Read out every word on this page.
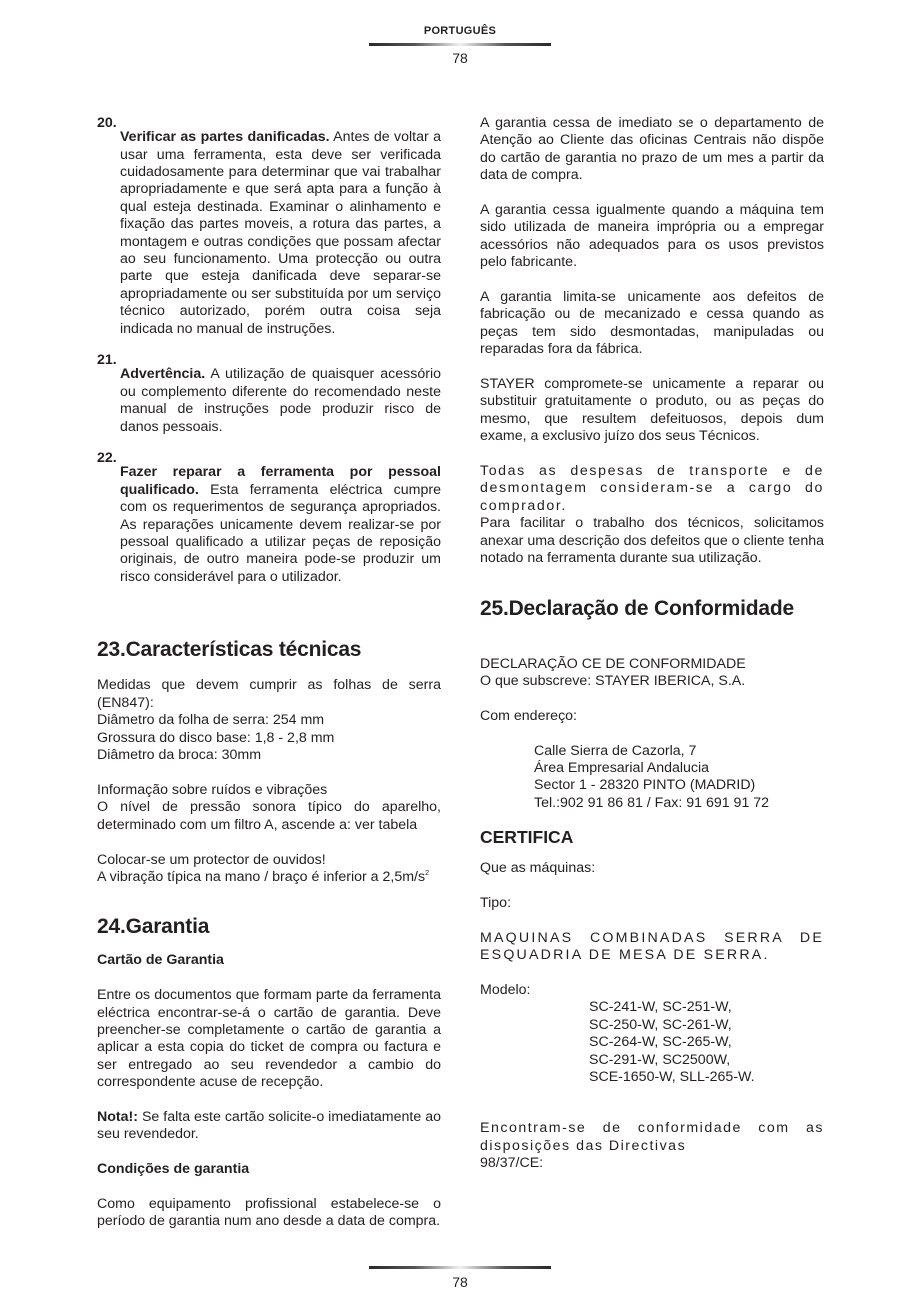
PORTUGUÊS
78
20.

Verificar as partes danificadas. Antes de voltar a usar uma ferramenta, esta deve ser verificada cuidadosamente para determinar que vai trabalhar apropriadamente e que será apta para a função à qual esteja destinada. Examinar o alinhamento e fixação das partes moveis, a rotura das partes, a montagem e outras condições que possam afectar ao seu funcionamento. Uma protecção ou outra parte que esteja danificada deve separar-se apropriadamente ou ser substituída por um serviço técnico autorizado, porém outra coisa seja indicada no manual de instruções.

21.

Advertência. A utilização de quaisquer acessório ou complemento diferente do recomendado neste manual de instruções pode produzir risco de danos pessoais.

22.

Fazer reparar a ferramenta por pessoal qualificado. Esta ferramenta eléctrica cumpre com os requerimentos de segurança apropriados. As reparações unicamente devem realizar-se por pessoal qualificado a utilizar peças de reposição originais, de outro maneira pode-se produzir um risco considerável para o utilizador.

23.Características técnicas

Medidas que devem cumprir as folhas de serra (EN847):

Diâmetro da folha de serra: 254 mm

Grossura do disco base: 1,8 - 2,8 mm

Diâmetro da broca: 30mm

Informação sobre ruídos e vibrações

O nível de pressão sonora típico do aparelho, determinado com um filtro A, ascende a: ver tabela

Colocar-se um protector de ouvidos!

A vibração típica na mano / braço é inferior a $2,5m/s^2$

24.Garantia
Cartão de Garantia

Entre os documentos que formam parte da ferramenta eléctrica encontrar-se-á o cartão de garantia. Deve preencher-se completamente o cartão de garantia a aplicar a esta copia do ticket de compra ou factura e ser entregado ao seu revendedor a cambio do correspondente acuse de recepção.

Nota!: Se falta este cartão solicite-o imediatamente ao seu revendedor.

Condições de garantia

Como equipamento profissional estabelece-se o período de garantia num ano desde a data de compra.

A garantia cessa de imediato se o departamento de Atenção ao Cliente das oficinas Centrais não dispõe do cartão de garantia no prazo de um mes a partir da data de compra.

A garantia cessa igualmente quando a máquina tem sido utilizada de maneira imprópria ou a empregar acessórios não adequados para os usos previstos pelo fabricante.

A garantia limita-se unicamente aos defeitos de fabricação ou de mecanizado e cessa quando as peças tem sido desmontadas, manipuladas ou reparadas fora da fábrica.

STAYER compromete-se unicamente a reparar ou substituir gratuitamente o produto, ou as peças do mesmo, que resultem defeituosos, depois dum exame, a exclusivo juízo dos seus Técnicos.

Todas as despesas de transporte e de desmontagem consideram-se a cargo do comprador.

Para facilitar o trabalho dos técnicos, solicitamos anexar uma descrição dos defeitos que o cliente tenha notado na ferramenta durante sua utilização.

25.Declaração de Conformidade

DECLARAÇÃO CE DE CONFORMIDADE

O que subscreve: STAYER IBERICA, S.A.

Com endereço:

Calle Sierra de Cazorla, 7
Área Empresarial Andalucia
Sector 1 - 28320 PINTO (MADRID)
Tel.:902 91 86 81 / Fax: 91 691 91 72
CERTIFICA

Que as máquinas:

Tipo:

MAQUINAS COMBINADAS SERRA DE ESQUADRIA DE MESA DE SERRA.

Modelo:

SC-241-W, SC-251-W,
SC-250-W, SC-261-W,
SC-264-W, SC-265-W,
SC-291-W, SC2500W,
SCE-1650-W, SLL-265-W.

Encontram-se de conformidade com as disposições das Directivas

98/37/CE:

78
